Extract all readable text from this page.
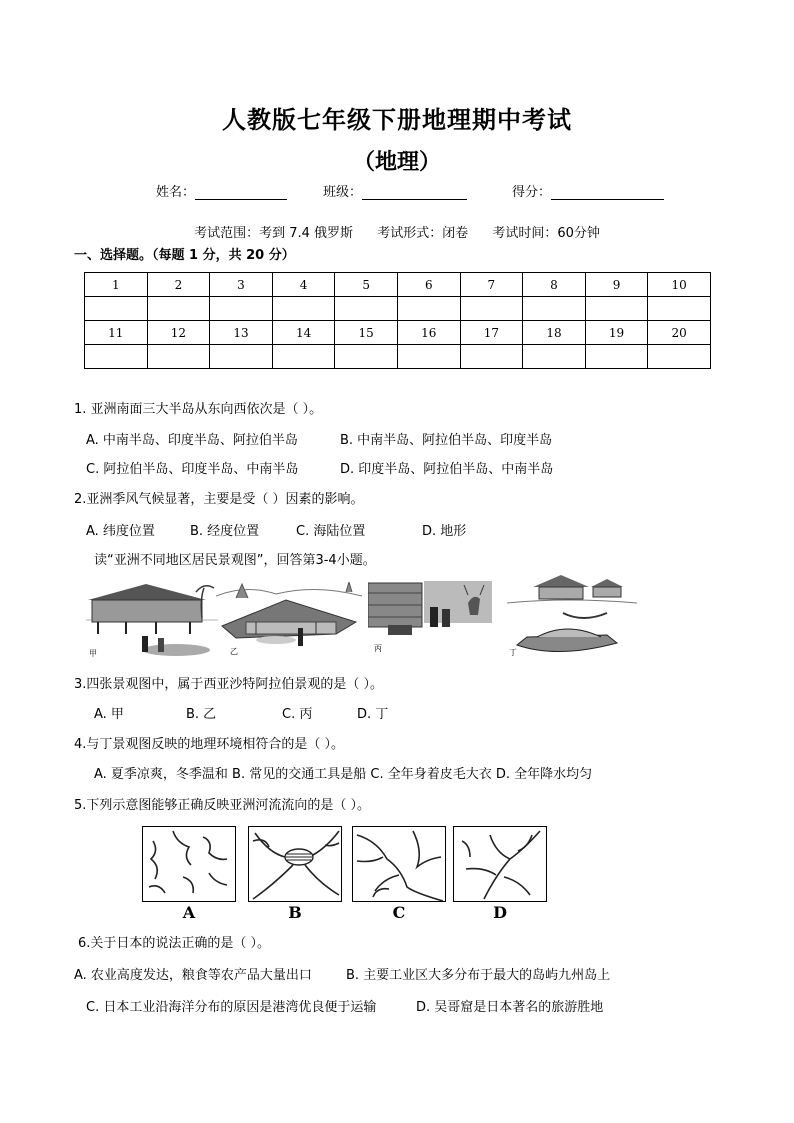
人教版七年级下册地理期中考试
（地理）
姓名：	班级：	得分：
考试范围：考到 7.4 俄罗斯 考试形式：闭卷 考试时间：60分钟
一、选择题。（每题 1 分，共 20 分）
1	2	3	4	5	6	7	8	9	10

11	12	13	14	15	16	17	18	19	20

1. 亚洲南面三大半岛从东向西依次是（ ）。
A. 中南半岛、印度半岛、阿拉伯半岛	B. 中南半岛、阿拉伯半岛、印度半岛
C. 阿拉伯半岛、印度半岛、中南半岛	D. 印度半岛、阿拉伯半岛、中南半岛
2.亚洲季风气候显著，主要是受（ ）因素的影响。
A. 纬度位置	B. 经度位置	C. 海陆位置	D. 地形
读“亚洲不同地区居民景观图”，回答第3-4小题。
甲	乙	丙	丁
3.四张景观图中，属于西亚沙特阿拉伯景观的是（ ）。
A. 甲	B. 乙	C. 丙	D. 丁
4.与丁景观图反映的地理环境相符合的是（ ）。
A. 夏季凉爽，冬季温和 B. 常见的交通工具是船 C. 全年身着皮毛大衣 D. 全年降水均匀
5.下列示意图能够正确反映亚洲河流流向的是（ ）。
A	B	C	D
6.关于日本的说法正确的是（ ）。
A. 农业高度发达，粮食等农产品大量出口	B. 主要工业区大多分布于最大的岛屿九州岛上
C. 日本工业沿海洋分布的原因是港湾优良便于运输	D. 吴哥窟是日本著名的旅游胜地
